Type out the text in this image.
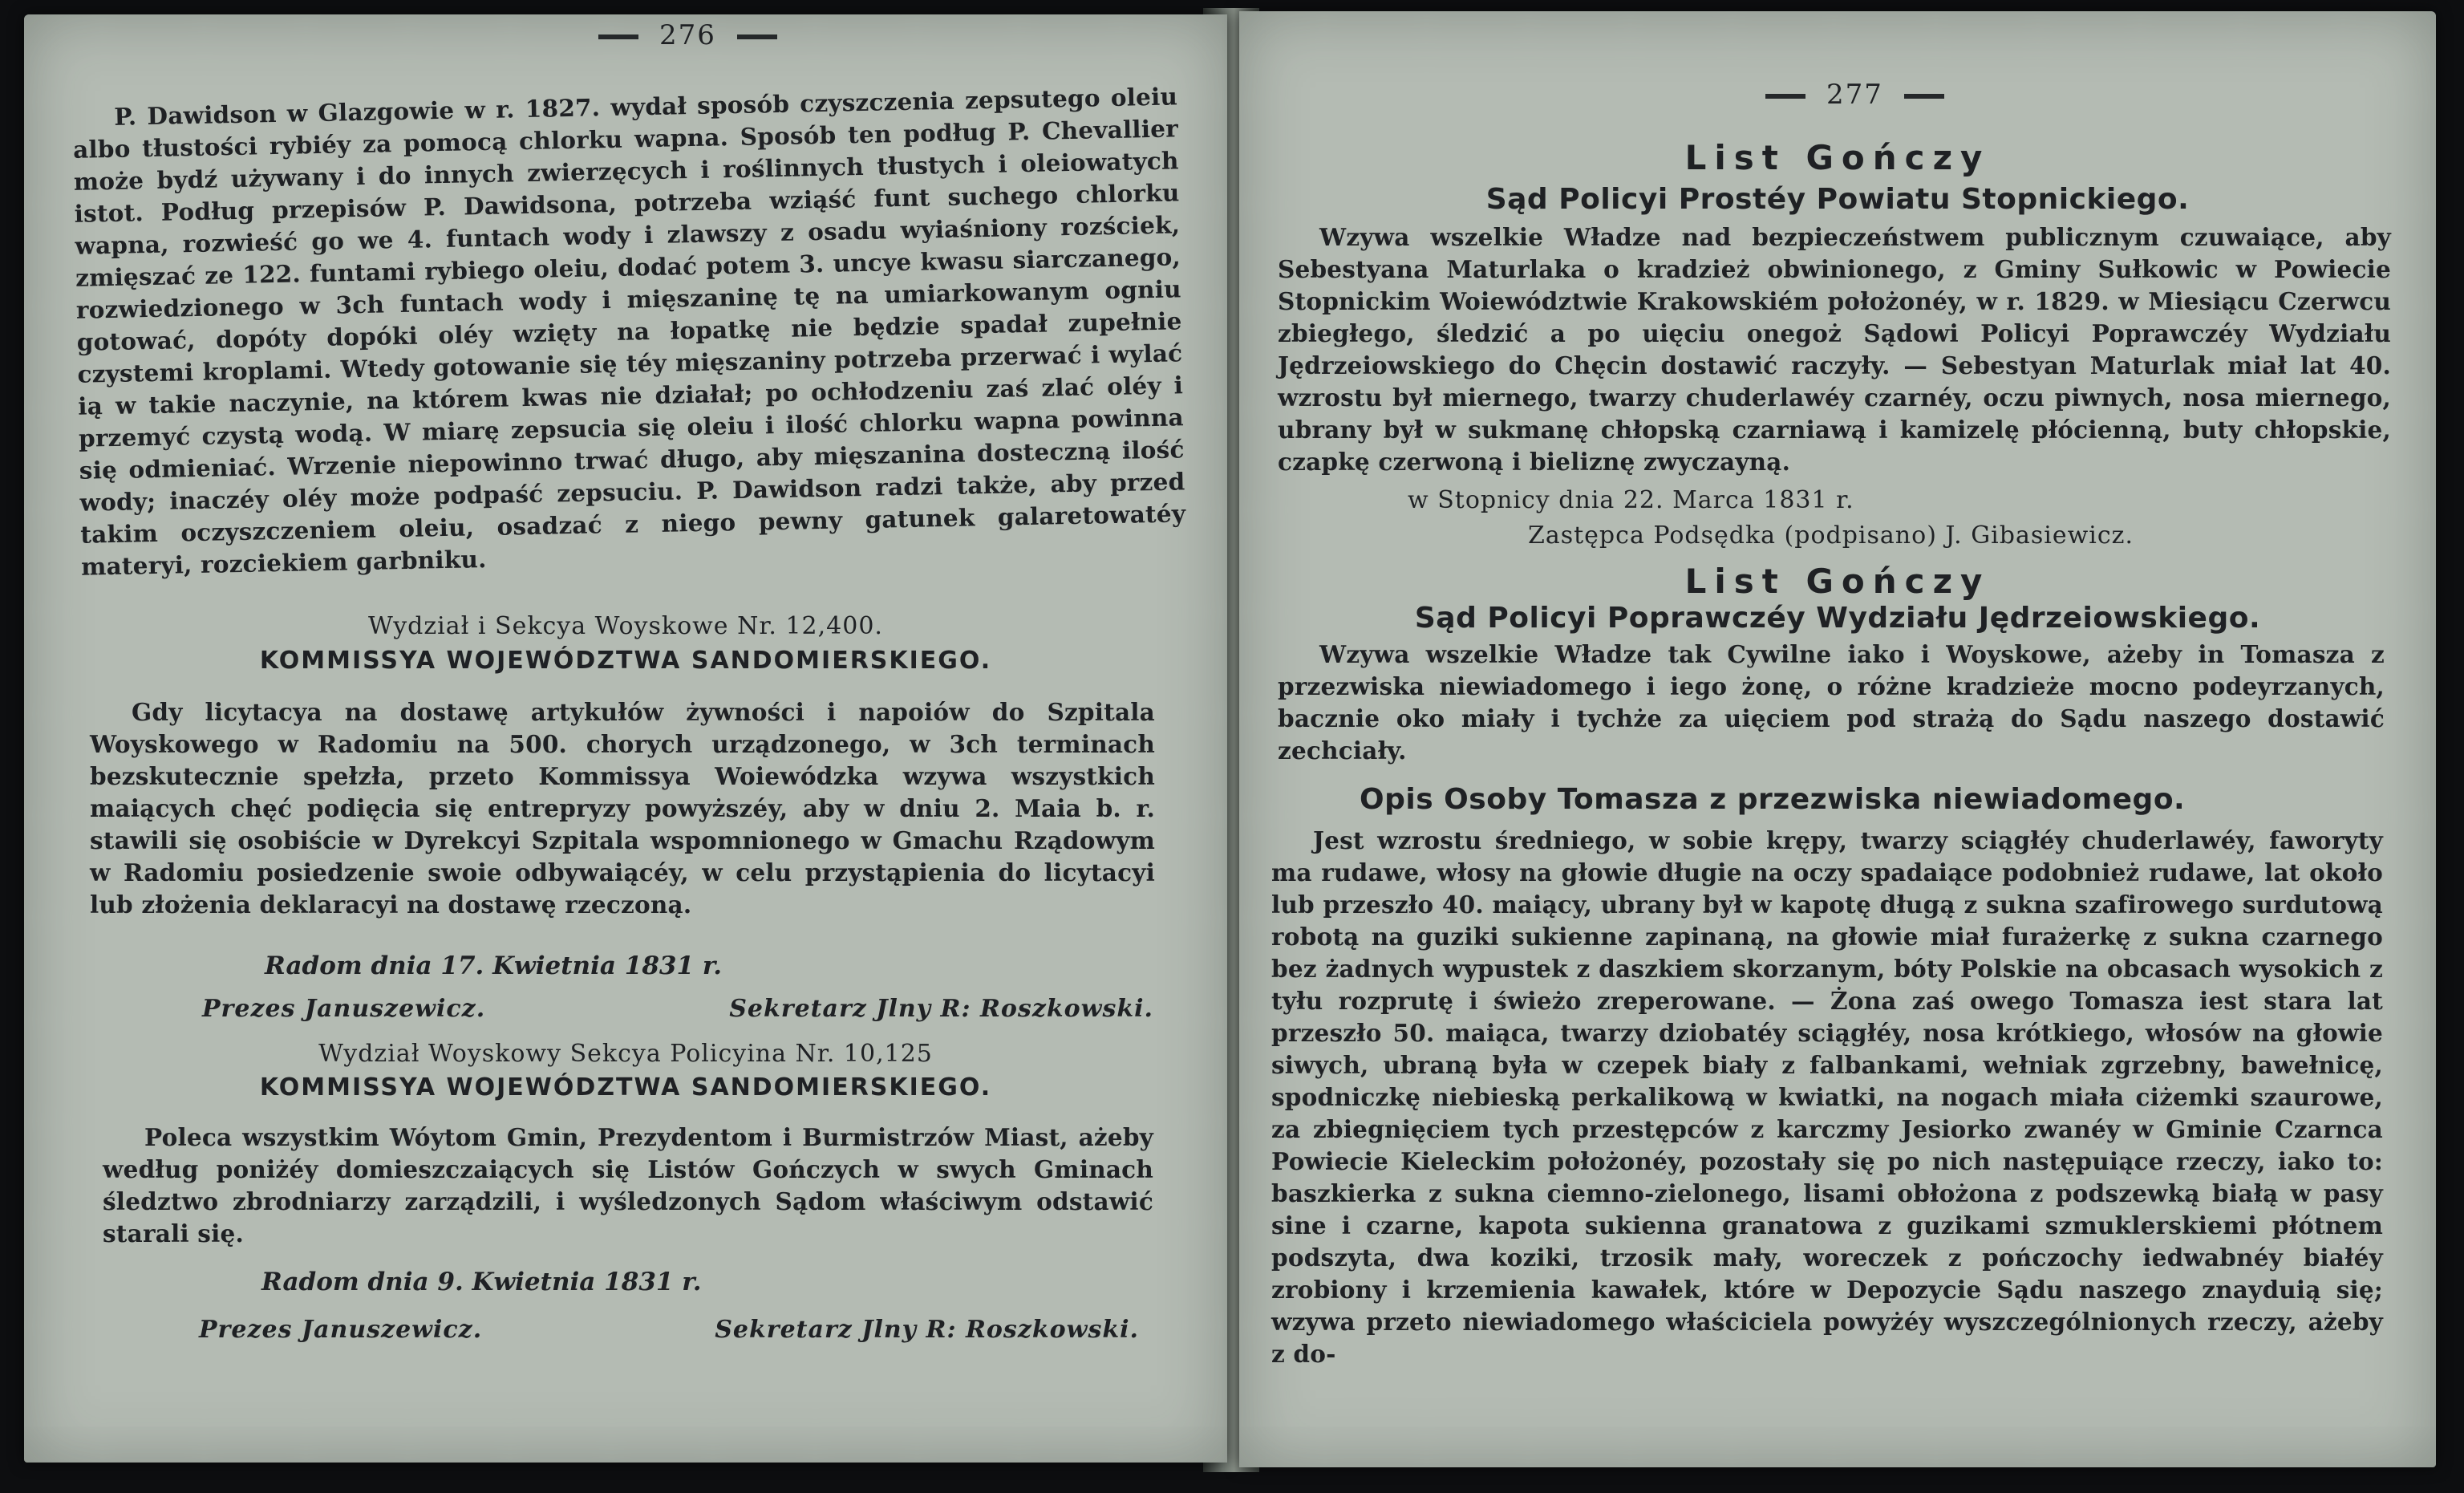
276

P. Dawidson w Glazgowie w r. 1827. wydał sposób czyszczenia zepsutego oleiu albo tłustości rybiéy za pomocą chlorku wapna. Sposób ten podług P. Chevallier może bydź używany i do innych zwierzęcych i roślinnych tłustych i oleiowatych istot. Podług przepisów P. Dawidsona, potrzeba wziąść funt suchego chlorku wapna, rozwieść go we 4. funtach wody i zlawszy z osadu wyiaśniony rozściek, zmięszać ze 122. funtami rybiego oleiu, dodać potem 3. uncye kwasu siarczanego, rozwiedzionego w 3ch funtach wody i mięszaninę tę na umiarkowanym ogniu gotować, dopóty dopóki oléy wzięty na łopatkę nie będzie spadał zupełnie czystemi kroplami. Wtedy gotowanie się téy mięszaniny potrzeba przerwać i wylać ią w takie naczynie, na którem kwas nie działał; po ochłodzeniu zaś zlać oléy i przemyć czystą wodą. W miarę zepsucia się oleiu i ilość chlorku wapna powinna się odmieniać. Wrzenie niepowinno trwać długo, aby mięszanina dosteczną ilość wody; inaczéy oléy może podpaść zepsuciu. P. Dawidson radzi także, aby przed takim oczyszczeniem oleiu, osadzać z niego pewny gatunek galaretowatéy materyi, rozciekiem garbniku.

Wydział i Sekcya Woyskowe Nr. 12,400.

KOMMISSYA WOJEWÓDZTWA SANDOMIERSKIEGO.

Gdy licytacya na dostawę artykułów żywności i napoiów do Szpitala Woyskowego w Radomiu na 500. chorych urządzonego, w 3ch terminach bezskutecznie spełzła, przeto Kommissya Woiewódzka wzywa wszystkich maiących chęć podięcia się entrepryzy powyższéy, aby w dniu 2. Maia b. r. stawili się osobiście w Dyrekcyi Szpitala wspomnionego w Gmachu Rządowym w Radomiu posiedzenie swoie odbywaiącéy, w celu przystąpienia do licytacyi lub złożenia deklaracyi na dostawę rzeczoną.

Radom dnia 17. Kwietnia 1831 r.

Prezes Januszewicz.	Sekretarz Jlny R: Roszkowski.

Wydział Woyskowy Sekcya Policyina Nr. 10,125

KOMMISSYA WOJEWÓDZTWA SANDOMIERSKIEGO.

Poleca wszystkim Wóytom Gmin, Prezydentom i Burmistrzów Miast, ażeby według poniżéy domieszczaiących się Listów Gończych w swych Gminach śledztwo zbrodniarzy zarządzili, i wyśledzonych Sądom właściwym odstawić starali się.

Radom dnia 9. Kwietnia 1831 r.

Prezes Januszewicz.	Sekretarz Jlny R: Roszkowski.
277

List Gończy

Sąd Policyi Prostéy Powiatu Stopnickiego.

Wzywa wszelkie Władze nad bezpieczeństwem publicznym czuwaiące, aby Sebestyana Maturlaka o kradzież obwinionego, z Gminy Sułkowic w Powiecie Stopnickim Woiewództwie Krakowskiém położonéy, w r. 1829. w Miesiącu Czerwcu zbiegłego, śledzić a po uięciu onegoż Sądowi Policyi Poprawczéy Wydziału Jędrzeiowskiego do Chęcin dostawić raczyły. — Sebestyan Maturlak miał lat 40. wzrostu był miernego, twarzy chuderlawéy czarnéy, oczu piwnych, nosa miernego, ubrany był w sukmanę chłopską czarniawą i kamizelę płócienną, buty chłopskie, czapkę czerwoną i bieliznę zwyczayną.

w Stopnicy dnia 22. Marca 1831 r.

Zastępca Podsędka (podpisano) J. Gibasiewicz.

List Gończy

Sąd Policyi Poprawczéy Wydziału Jędrzeiowskiego.

Wzywa wszelkie Władze tak Cywilne iako i Woyskowe, ażeby in Tomasza z przezwiska niewiadomego i iego żonę, o różne kradzieże mocno podeyrzanych, bacznie oko miały i tychże za uięciem pod strażą do Sądu naszego dostawić zechciały.

Opis Osoby Tomasza z przezwiska niewiadomego.

Jest wzrostu średniego, w sobie krępy, twarzy sciągłéy chuderlawéy, faworyty ma rudawe, włosy na głowie długie na oczy spadaiące podobnież rudawe, lat około lub przeszło 40. maiący, ubrany był w kapotę długą z sukna szafirowego surdutową robotą na guziki sukienne zapinaną, na głowie miał furażerkę z sukna czarnego bez żadnych wypustek z daszkiem skorzanym, bóty Polskie na obcasach wysokich z tyłu rozprutę i świeżo zreperowane. — Żona zaś owego Tomasza iest stara lat przeszło 50. maiąca, twarzy dziobatéy sciągłéy, nosa krótkiego, włosów na głowie siwych, ubraną była w czepek biały z falbankami, wełniak zgrzebny, bawełnicę, spodniczkę niebieską perkalikową w kwiatki, na nogach miała ciżemki szaurowe, za zbiegnięciem tych przestępców z karczmy Jesiorko zwanéy w Gminie Czarnca Powiecie Kieleckim położonéy, pozostały się po nich następuiące rzeczy, iako to: baszkierka z sukna ciemno-zielonego, lisami obłożona z podszewką białą w pasy sine i czarne, kapota sukienna granatowa z guzikami szmuklerskiemi płótnem podszyta, dwa koziki, trzosik mały, woreczek z pończochy iedwabnéy białéy zrobiony i krzemienia kawałek, które w Depozycie Sądu naszego znayduią się; wzywa przeto niewiadomego właściciela powyżéy wyszczególnionych rzeczy, ażeby z do-
